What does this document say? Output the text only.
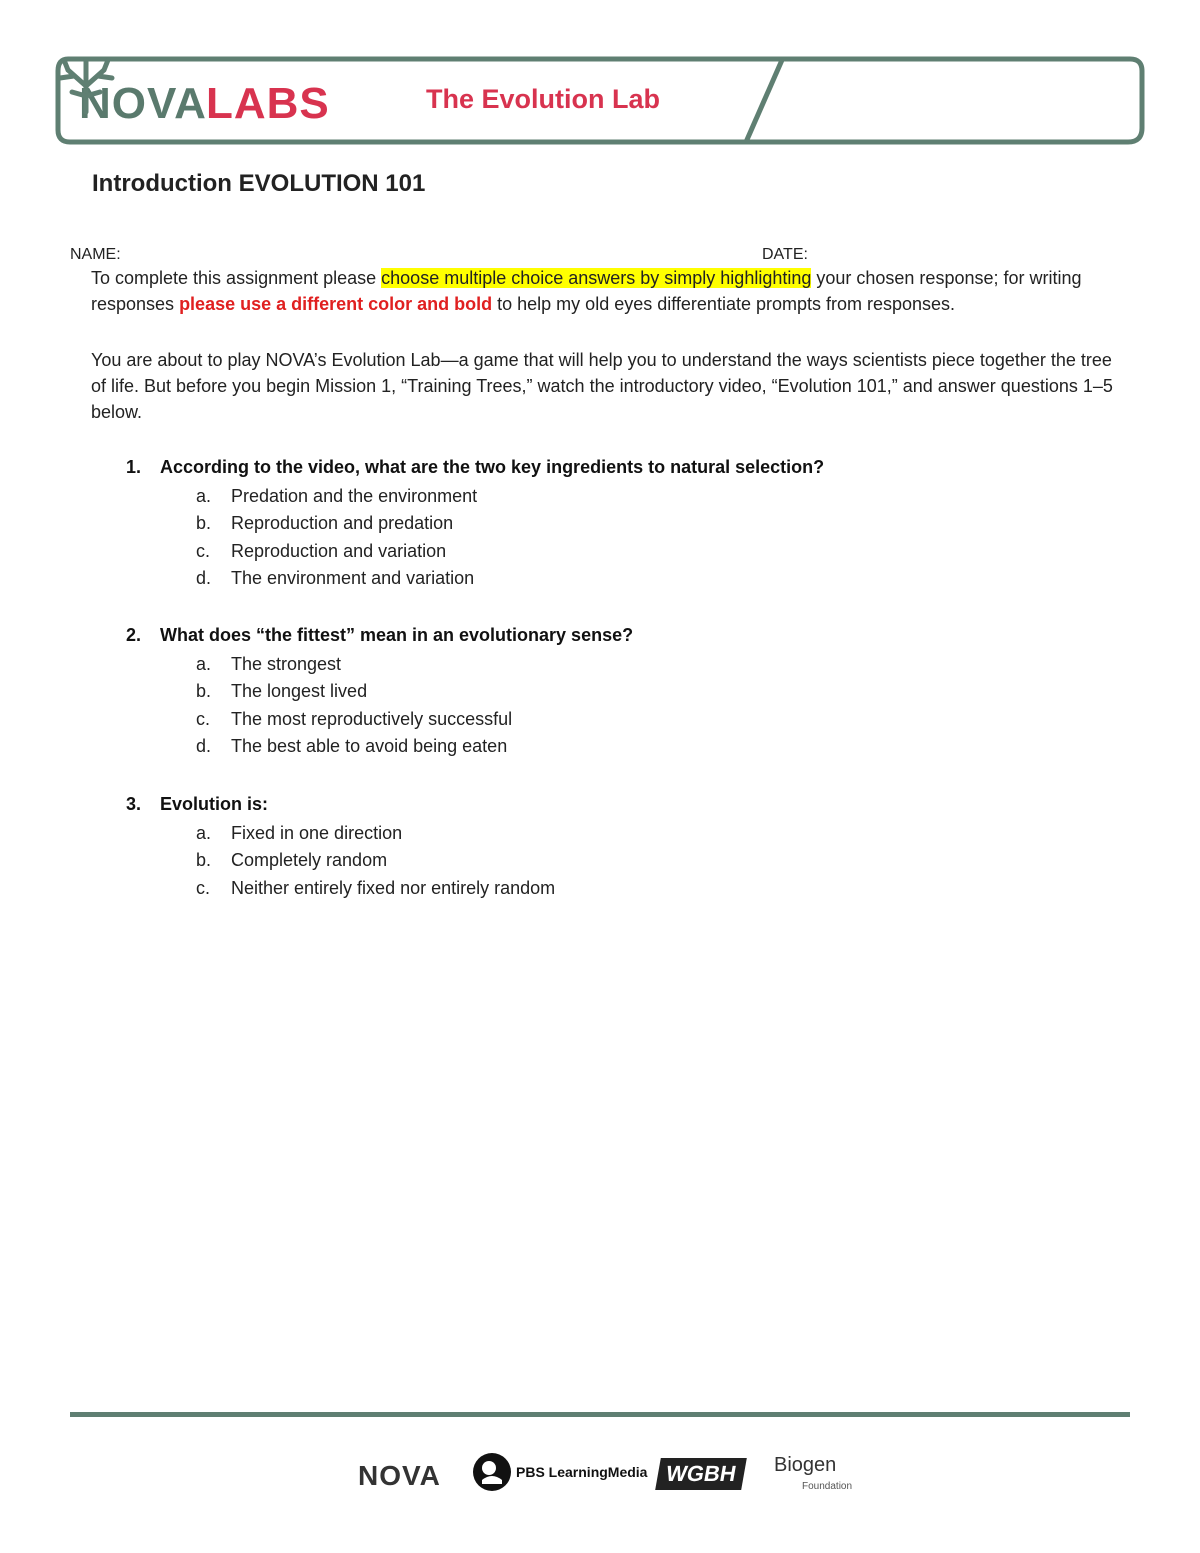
NOVA LABS	The Evolution Lab
Introduction EVOLUTION 101
NAME:	DATE:
To complete this assignment please choose multiple choice answers by simply highlighting your chosen response; for writing responses please use a different color and bold to help my old eyes differentiate prompts from responses.
You are about to play NOVA’s Evolution Lab—a game that will help you to understand the ways scientists piece together the tree of life. But before you begin Mission 1, “Training Trees,” watch the introductory video, “Evolution 101,” and answer questions 1–5 below.
1.	According to the video, what are the two key ingredients to natural selection?
a.	Predation and the environment
b.	Reproduction and predation
c.	Reproduction and variation
d.	The environment and variation
2.	What does “the fittest” mean in an evolutionary sense?
a.	The strongest
b.	The longest lived
c.	The most reproductively successful
d.	The best able to avoid being eaten
3.	Evolution is:
a.	Fixed in one direction
b.	Completely random
c.	Neither entirely fixed nor entirely random
NOVA	PBS LearningMedia WGBH	Biogen
Foundation
